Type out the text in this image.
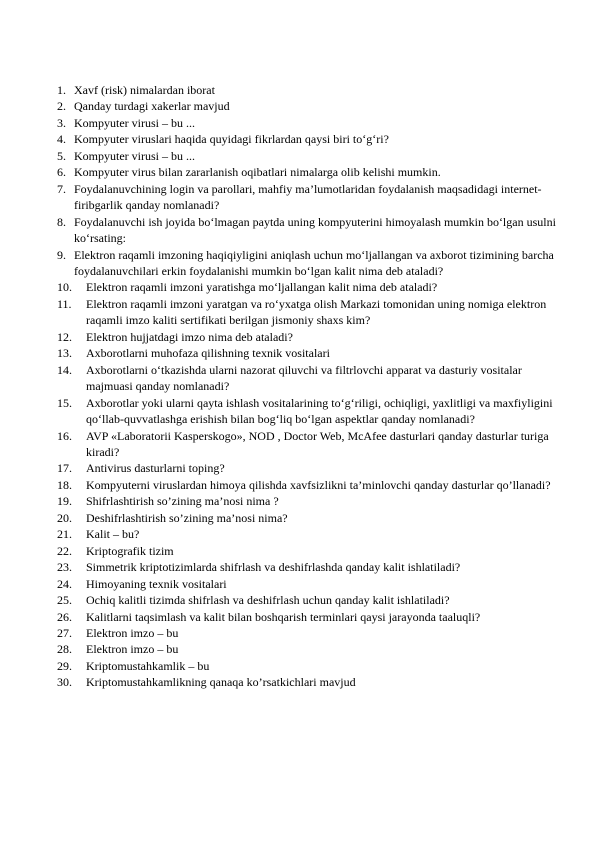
1. Xavf (risk) nimalardan iborat
2. Qanday turdagi xakerlar mavjud
3. Kompyuter virusi – bu ...
4. Kompyuter viruslari haqida quyidagi fikrlardan qaysi biri to‘g‘ri?
5. Kompyuter virusi – bu ...
6. Kompyuter virus bilan zararlanish oqibatlari nimalarga olib kelishi mumkin.
7. Foydalanuvchining login va parollari, mahfiy ma’lumotlaridan foydalanish maqsadidagi internet-firibgarlik qanday nomlanadi?
8. Foydalanuvchi ish joyida bo‘lmagan paytda uning kompyuterini himoyalash mumkin bo‘lgan usulni ko‘rsating:
9. Elektron raqamli imzoning haqiqiyligini aniqlash uchun mo‘ljallangan va axborot tizimining barcha foydalanuvchilari erkin foydalanishi mumkin bo‘lgan kalit nima deb ataladi?
10. Elektron raqamli imzoni yaratishga mo‘ljallangan kalit nima deb ataladi?
11. Elektron raqamli imzoni yaratgan va ro‘yxatga olish Markazi tomonidan uning nomiga elektron raqamli imzo kaliti sertifikati berilgan jismoniy shaxs kim?
12. Elektron hujjatdagi imzo nima deb ataladi?
13. Axborotlarni muhofaza qilishning texnik vositalari
14. Axborotlarni o‘tkazishda ularni nazorat qiluvchi va filtrlovchi apparat va dasturiy vositalar majmuasi qanday nomlanadi?
15. Axborotlar yoki ularni qayta ishlash vositalarining to‘g‘riligi, ochiqligi, yaxlitligi va maxfiyligini qo‘llab-quvvatlashga erishish bilan bog‘liq bo‘lgan aspektlar qanday nomlanadi?
16. AVP «Laboratorii Kasperskogo», NOD , Doctor Web, McAfee dasturlari qanday dasturlar turiga kiradi?
17. Antivirus dasturlarni toping?
18. Kompyuterni viruslardan himoya qilishda xavfsizlikni ta’minlovchi qanday dasturlar qo’llanadi?
19. Shifrlashtirish so’zining ma’nosi nima ?
20. Deshifrlashtirish so’zining ma’nosi nima?
21. Kalit – bu?
22. Kriptografik tizim
23. Simmetrik kriptotizimlarda shifrlash va deshifrlashda qanday kalit ishlatiladi?
24. Himoyaning texnik vositalari
25. Ochiq kalitli tizimda shifrlash va deshifrlash uchun qanday kalit ishlatiladi?
26. Kalitlarni taqsimlash va kalit bilan boshqarish terminlari qaysi jarayonda taaluqli?
27. Elektron imzo – bu
28. Elektron imzo – bu
29. Kriptomustahkamlik – bu
30. Kriptomustahkamlikning qanaqa ko’rsatkichlari mavjud
